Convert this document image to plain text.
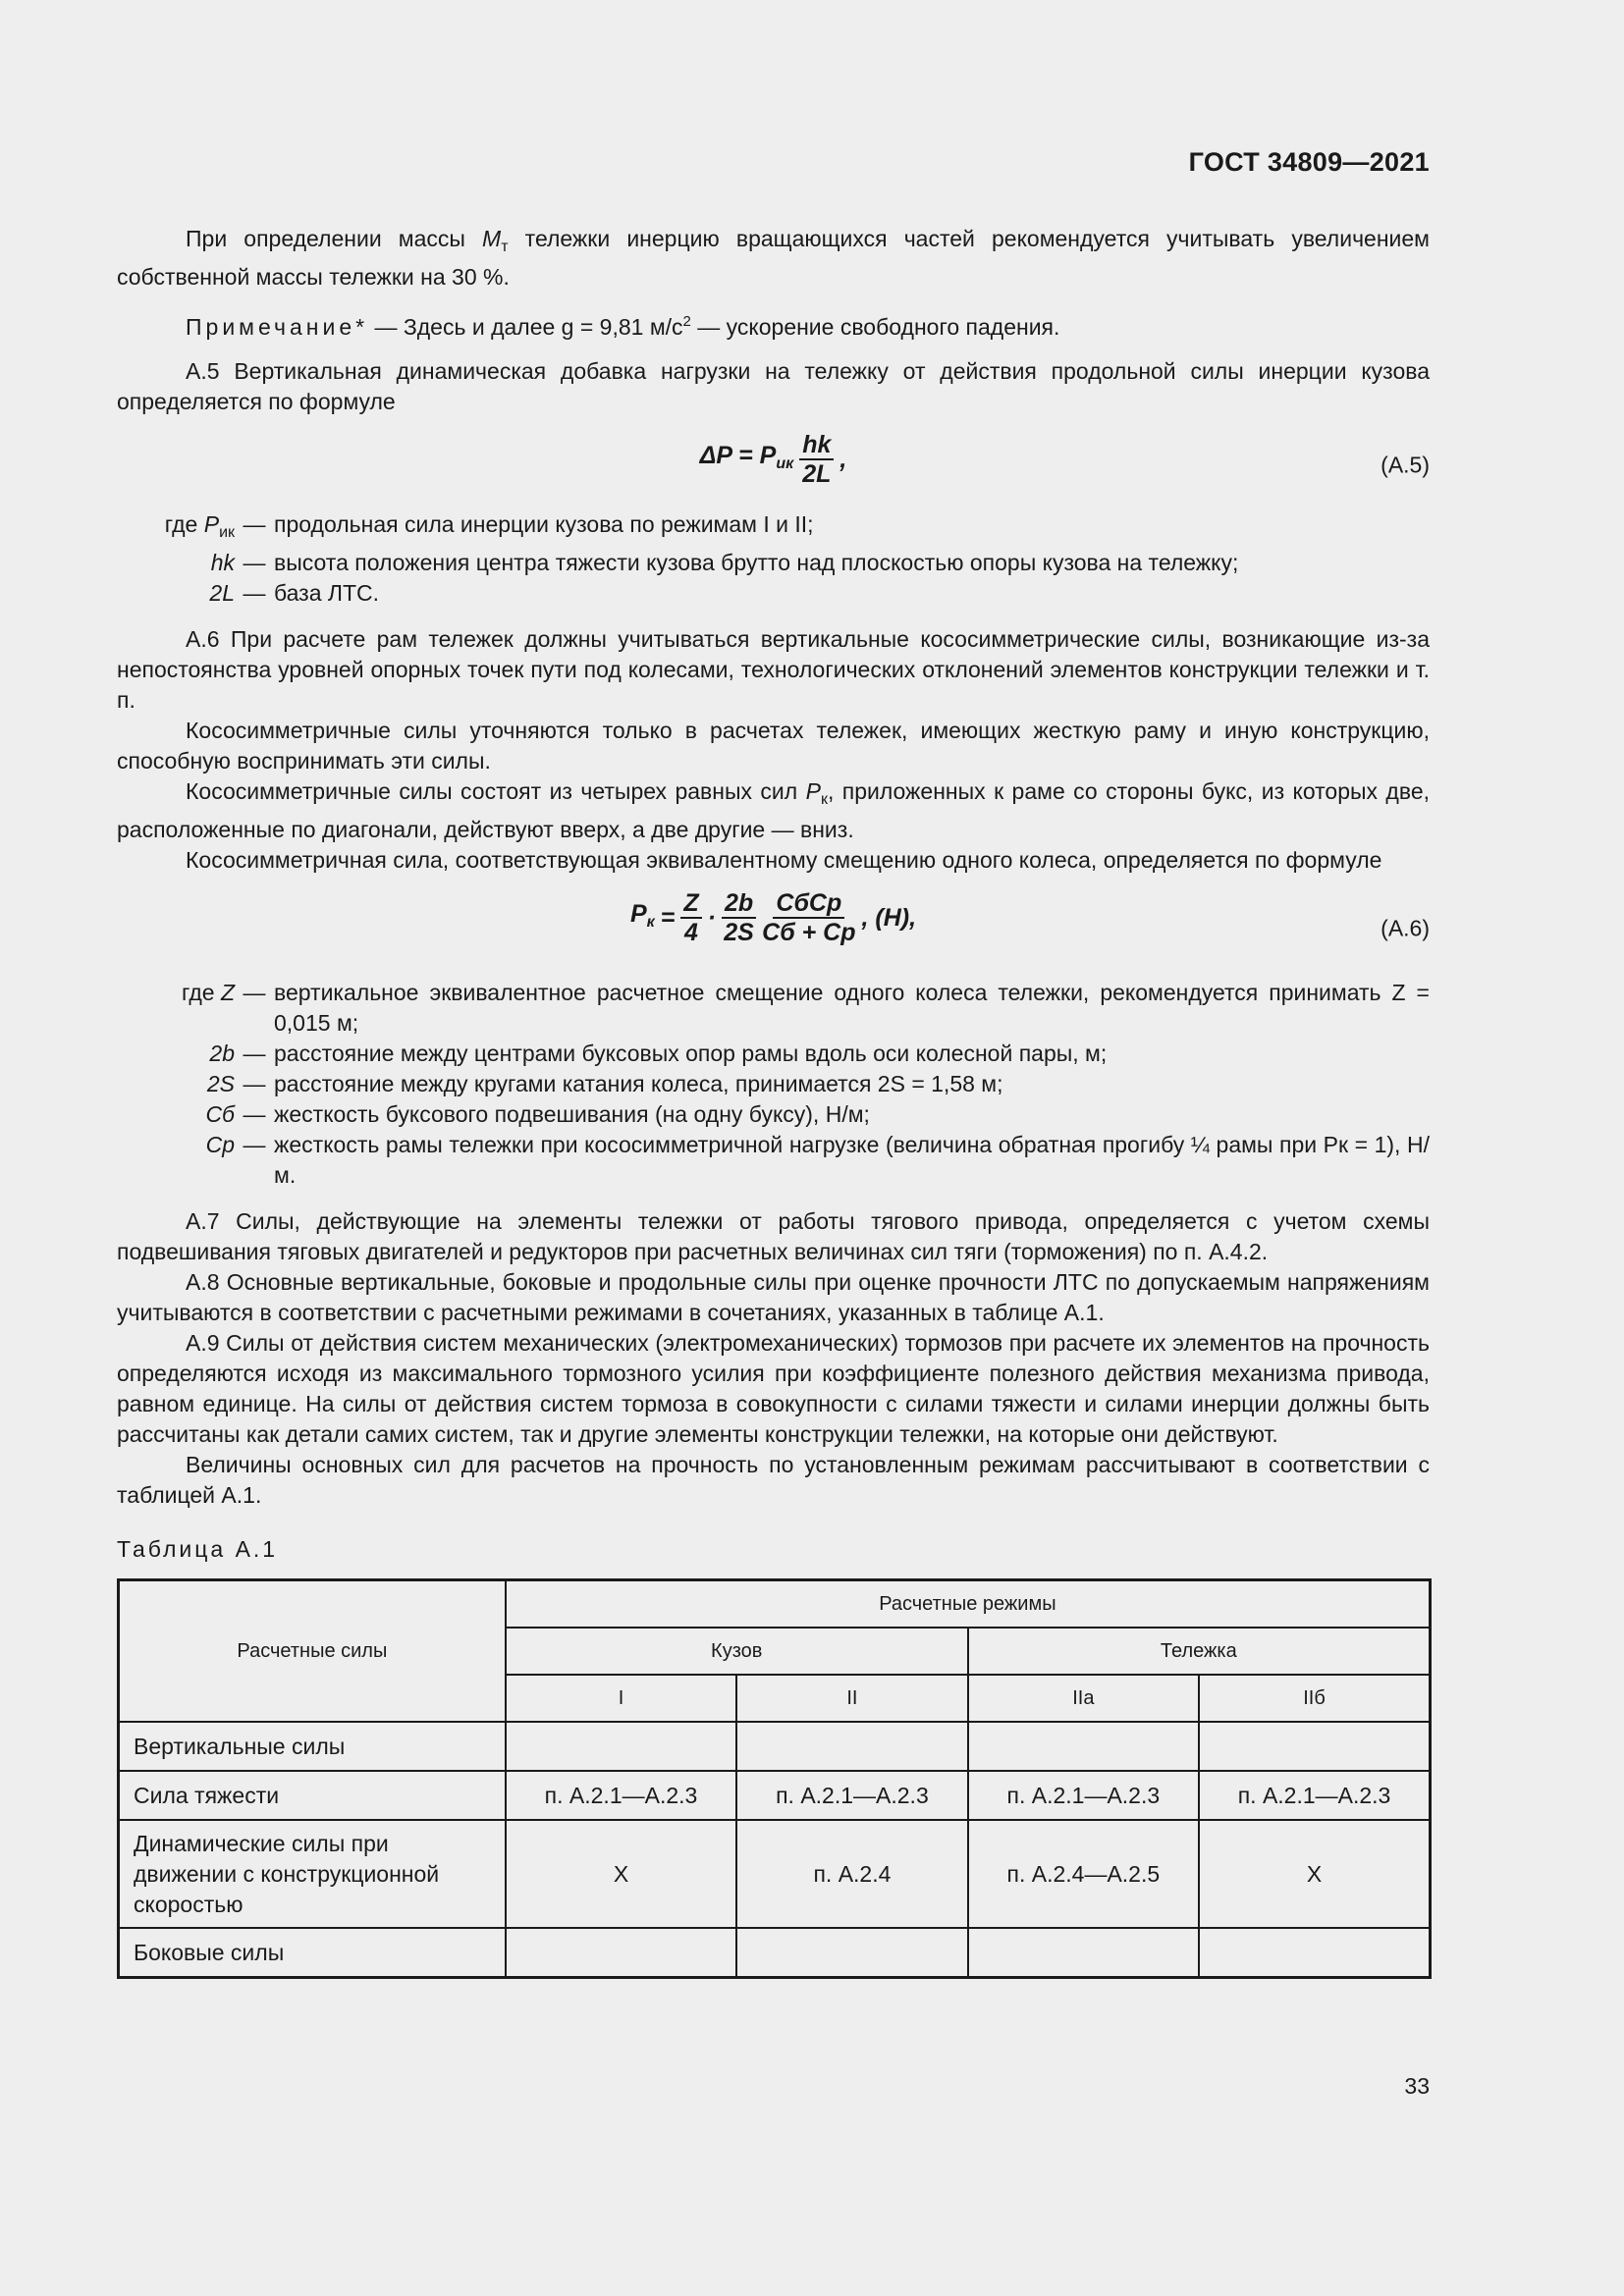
ГОСТ 34809—2021

При определении массы $M_т$ тележки инерцию вращающихся частей рекомендуется учитывать увеличением собственной массы тележки на 30 %.

Примечание* — Здесь и далее g = 9,81 $м/с^2$ — ускорение свободного падения.

А.5 Вертикальная динамическая добавка нагрузки на тележку от действия продольной силы инерции кузова определяется по формуле

$\Delta P = P_{ик} \frac{hk}{2L}$ ,	(А.5)
где $P_{ик}$ — продольная сила инерции кузова по режимам I и II;
hk — высота положения центра тяжести кузова брутто над плоскостью опоры кузова на тележку;
2L — база ЛТС.

А.6 При расчете рам тележек должны учитываться вертикальные кососимметрические силы, возникающие из-за непостоянства уровней опорных точек пути под колесами, технологических отклонений элементов конструкции тележки и т. п.

Кососимметричные силы уточняются только в расчетах тележек, имеющих жесткую раму и иную конструкцию, способную воспринимать эти силы.

Кососимметричные силы состоят из четырех равных сил $P_к$, приложенных к раме со стороны букс, из которых две, расположенные по диагонали, действуют вверх, а две другие — вниз.

Кососимметричная сила, соответствующая эквивалентному смещению одного колеса, определяется по формуле

$P_к = \frac{Z}{4} \cdot \frac{2b}{2S} \frac{\text{CбCp}}{Cб + Cp}$ , (Н),	(А.6)
где Z — вертикальное эквивалентное расчетное смещение одного колеса тележки, рекомендуется принимать Z = 0,015 м;
2b — расстояние между центрами буксовых опор рамы вдоль оси колесной пары, м;
2S — расстояние между кругами катания колеса, принимается 2S = 1,58 м;
Cб — жесткость буксового подвешивания (на одну буксу), Н/м;
Cp — жесткость рамы тележки при кососимметричной нагрузке (величина обратная прогибу ¼ рамы при Pк = 1), Н/м.

А.7 Силы, действующие на элементы тележки от работы тягового привода, определяется с учетом схемы подвешивания тяговых двигателей и редукторов при расчетных величинах сил тяги (торможения) по п. А.4.2.

А.8 Основные вертикальные, боковые и продольные силы при оценке прочности ЛТС по допускаемым напряжениям учитываются в соответствии с расчетными режимами в сочетаниях, указанных в таблице А.1.

А.9 Силы от действия систем механических (электромеханических) тормозов при расчете их элементов на прочность определяются исходя из максимального тормозного усилия при коэффициенте полезного действия механизма привода, равном единице. На силы от действия систем тормоза в совокупности с силами тяжести и силами инерции должны быть рассчитаны как детали самих систем, так и другие элементы конструкции тележки, на которые они действуют.

Величины основных сил для расчетов на прочность по установленным режимам рассчитывают в соответствии с таблицей А.1.

Таблица А.1
Расчетные силы	Расчетные режимы			
	Кузов		Тележка	
	I	II	IIa	IIб
Вертикальные силы				
Сила тяжести	п. А.2.1—А.2.3	п. А.2.1—А.2.3	п. А.2.1—А.2.3	п. А.2.1—А.2.3
Динамические силы при движении с конструкционной скоростью	Х	п. А.2.4	п. А.2.4—А.2.5	Х
Боковые силы				
33
